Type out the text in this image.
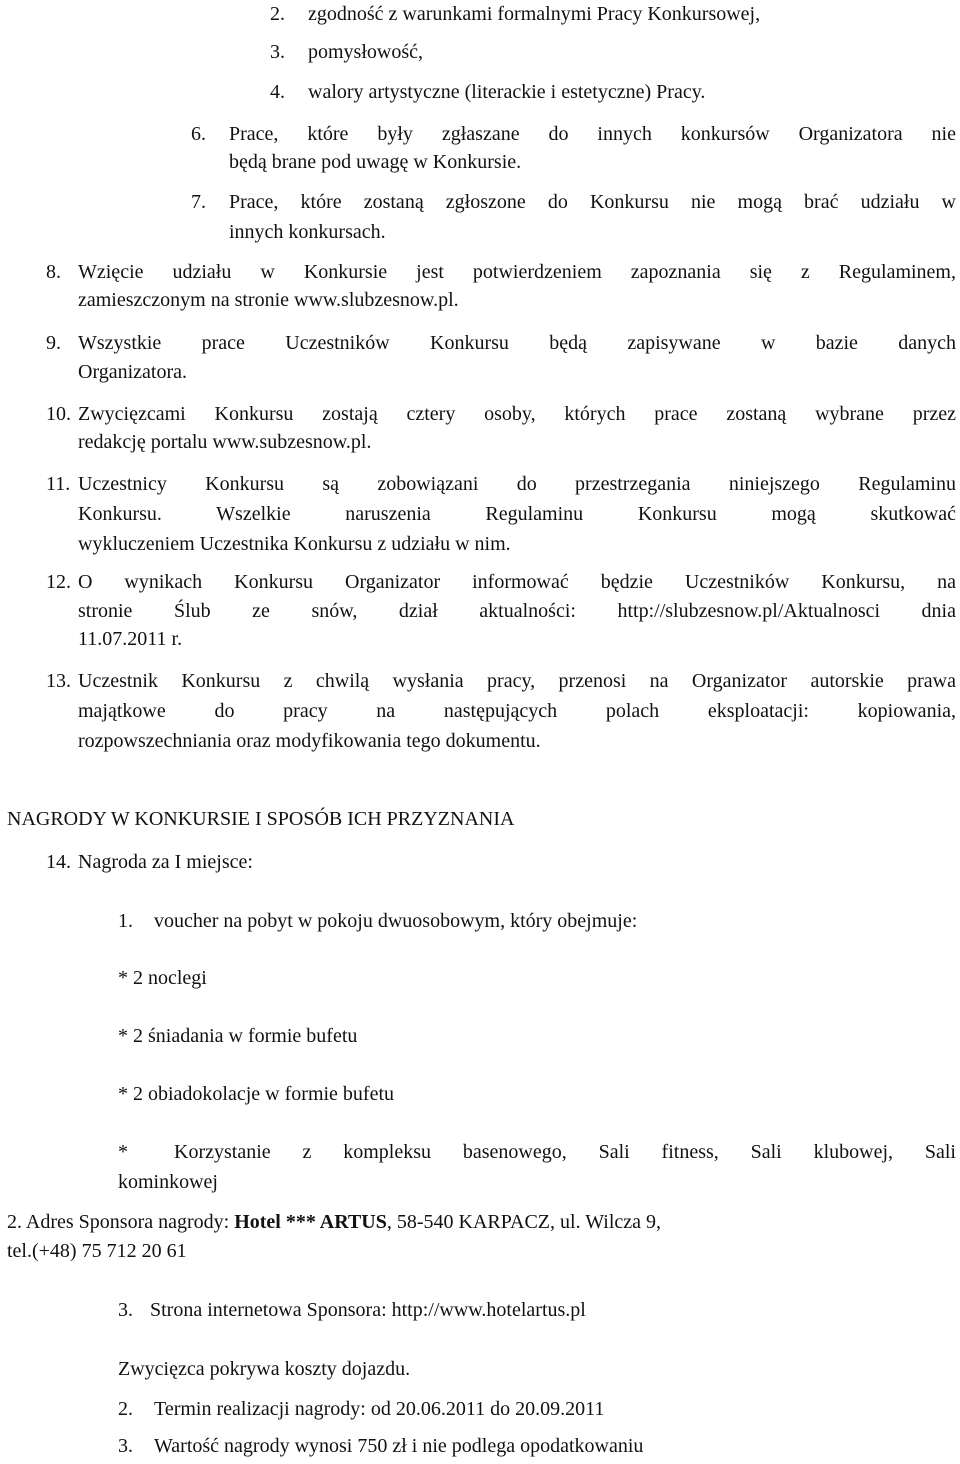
2. zgodność z warunkami formalnymi Pracy Konkursowej,
3. pomysłowość,
4. walory artystyczne (literackie i estetyczne) Pracy.
6.	Prace, które były zgłaszane do innych konkursów Organizatora nie
będą brane pod uwagę w Konkursie.
7.	Prace, które zostaną zgłoszone do Konkursu nie mogą brać udziału w
innych konkursach.
8. Wzięcie udziału w Konkursie jest potwierdzeniem zapoznania się z Regulaminem,
zamieszczonym na stronie www.slubzesnow.pl.
9. Wszystkie prace Uczestników Konkursu będą zapisywane w bazie danych
Organizatora.
10. Zwycięzcami Konkursu zostają cztery osoby, których prace zostaną wybrane przez
redakcję portalu www.subzesnow.pl.
11. Uczestnicy Konkursu są zobowiązani do przestrzegania niniejszego Regulaminu
Konkursu. Wszelkie naruszenia Regulaminu Konkursu mogą skutkować
wykluczeniem Uczestnika Konkursu z udziału w nim.
12. O wynikach Konkursu Organizator informować będzie Uczestników Konkursu, na
stronie Ślub ze snów, dział aktualności: http://slubzesnow.pl/Aktualnosci dnia
11.07.2011 r.
13. Uczestnik Konkursu z chwilą wysłania pracy, przenosi na Organizator autorskie prawa
majątkowe do pracy na następujących polach eksploatacji: kopiowania,
rozpowszechniania oraz modyfikowania tego dokumentu.
NAGRODY W KONKURSIE I SPOSÓB ICH PRZYZNANIA
14. Nagroda za I miejsce:
1. voucher na pobyt w pokoju dwuosobowym, który obejmuje:
* 2 noclegi
* 2 śniadania w formie bufetu
* 2 obiadokolacje w formie bufetu
*	Korzystanie z kompleksu basenowego, Sali fitness, Sali klubowej, Sali
kominkowej
2. Adres Sponsora nagrody: Hotel *** ARTUS, 58-540 KARPACZ, ul. Wilcza 9,
tel.(+48) 75 712 20 61
3. Strona internetowa Sponsora: http://www.hotelartus.pl
Zwycięzca pokrywa koszty dojazdu.
2. Termin realizacji nagrody: od 20.06.2011 do 20.09.2011
3. Wartość nagrody wynosi 750 zł i nie podlega opodatkowaniu
